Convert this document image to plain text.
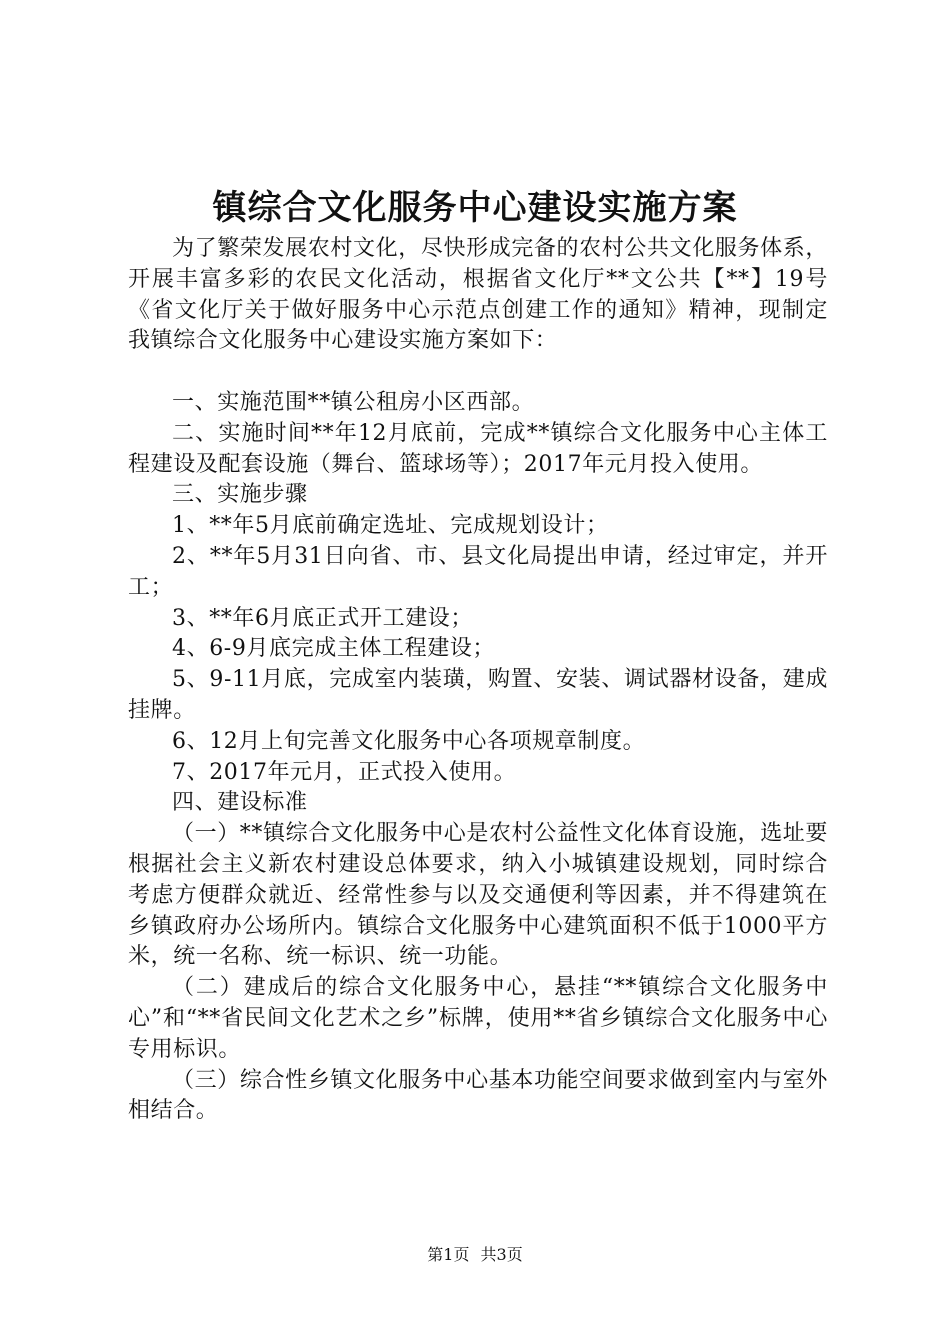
镇综合文化服务中心建设实施方案

为了繁荣发展农村文化，尽快形成完备的农村公共文化服务体系，开展丰富多彩的农民文化活动，根据省文化厅**文公共【**】19号《省文化厅关于做好服务中心示范点创建工作的通知》精神，现制定我镇综合文化服务中心建设实施方案如下：

一、实施范围**镇公租房小区西部。

二、实施时间**年12月底前，完成**镇综合文化服务中心主体工程建设及配套设施（舞台、篮球场等）；2017年元月投入使用。

三、实施步骤

1、**年5月底前确定选址、完成规划设计；

2、**年5月31日向省、市、县文化局提出申请，经过审定，并开工；

3、**年6月底正式开工建设；

4、6-9月底完成主体工程建设；

5、9-11月底，完成室内装璜，购置、安装、调试器材设备，建成挂牌。

6、12月上旬完善文化服务中心各项规章制度。

7、2017年元月，正式投入使用。

四、建设标准

（一）**镇综合文化服务中心是农村公益性文化体育设施，选址要根据社会主义新农村建设总体要求，纳入小城镇建设规划，同时综合考虑方便群众就近、经常性参与以及交通便利等因素，并不得建筑在乡镇政府办公场所内。镇综合文化服务中心建筑面积不低于1000平方米，统一名称、统一标识、统一功能。

（二）建成后的综合文化服务中心，悬挂“**镇综合文化服务中心”和“**省民间文化艺术之乡”标牌，使用**省乡镇综合文化服务中心专用标识。

（三）综合性乡镇文化服务中心基本功能空间要求做到室内与室外相结合。

第1页 共3页
